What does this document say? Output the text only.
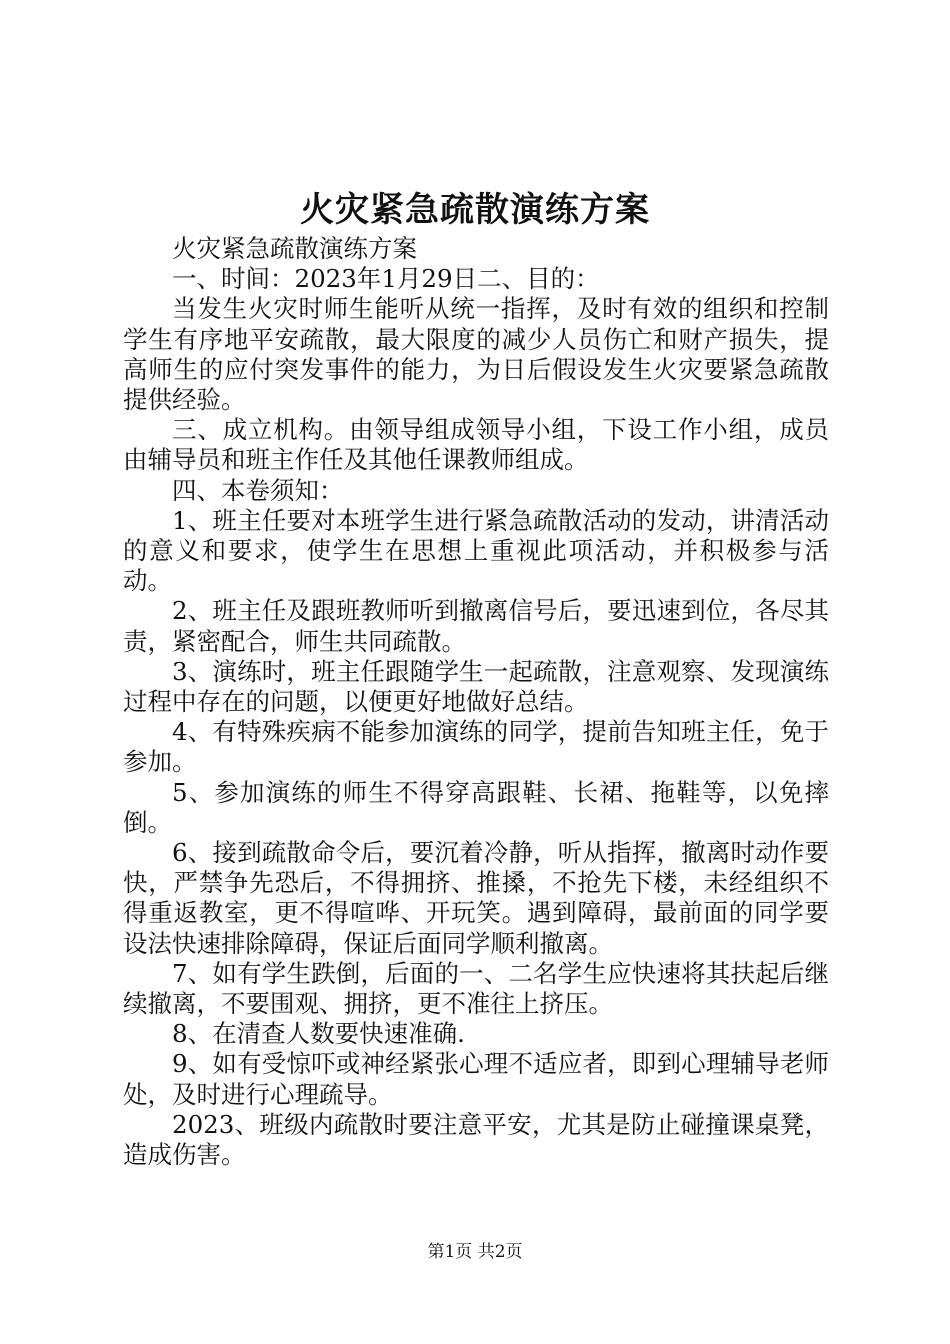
火灾紧急疏散演练方案

火灾紧急疏散演练方案

一、时间：2023年1月29日二、目的：

当发生火灾时师生能听从统一指挥，及时有效的组织和控制学生有序地平安疏散，最大限度的减少人员伤亡和财产损失，提高师生的应付突发事件的能力，为日后假设发生火灾要紧急疏散提供经验。

三、成立机构。由领导组成领导小组，下设工作小组，成员由辅导员和班主作任及其他任课教师组成。

四、本卷须知：

1、班主任要对本班学生进行紧急疏散活动的发动，讲清活动的意义和要求，使学生在思想上重视此项活动，并积极参与活动。

2、班主任及跟班教师听到撤离信号后，要迅速到位，各尽其责，紧密配合，师生共同疏散。

3、演练时，班主任跟随学生一起疏散，注意观察、发现演练过程中存在的问题，以便更好地做好总结。

4、有特殊疾病不能参加演练的同学，提前告知班主任，免于参加。

5、参加演练的师生不得穿高跟鞋、长裙、拖鞋等，以免摔倒。

6、接到疏散命令后，要沉着冷静，听从指挥，撤离时动作要快，严禁争先恐后，不得拥挤、推搡，不抢先下楼，未经组织不得重返教室，更不得喧哗、开玩笑。遇到障碍，最前面的同学要设法快速排除障碍，保证后面同学顺利撤离。

7、如有学生跌倒，后面的一、二名学生应快速将其扶起后继续撤离，不要围观、拥挤，更不准往上挤压。

8、在清查人数要快速准确.

9、如有受惊吓或神经紧张心理不适应者，即到心理辅导老师处，及时进行心理疏导。

2023、班级内疏散时要注意平安，尤其是防止碰撞课桌凳，造成伤害。

第1页 共2页
